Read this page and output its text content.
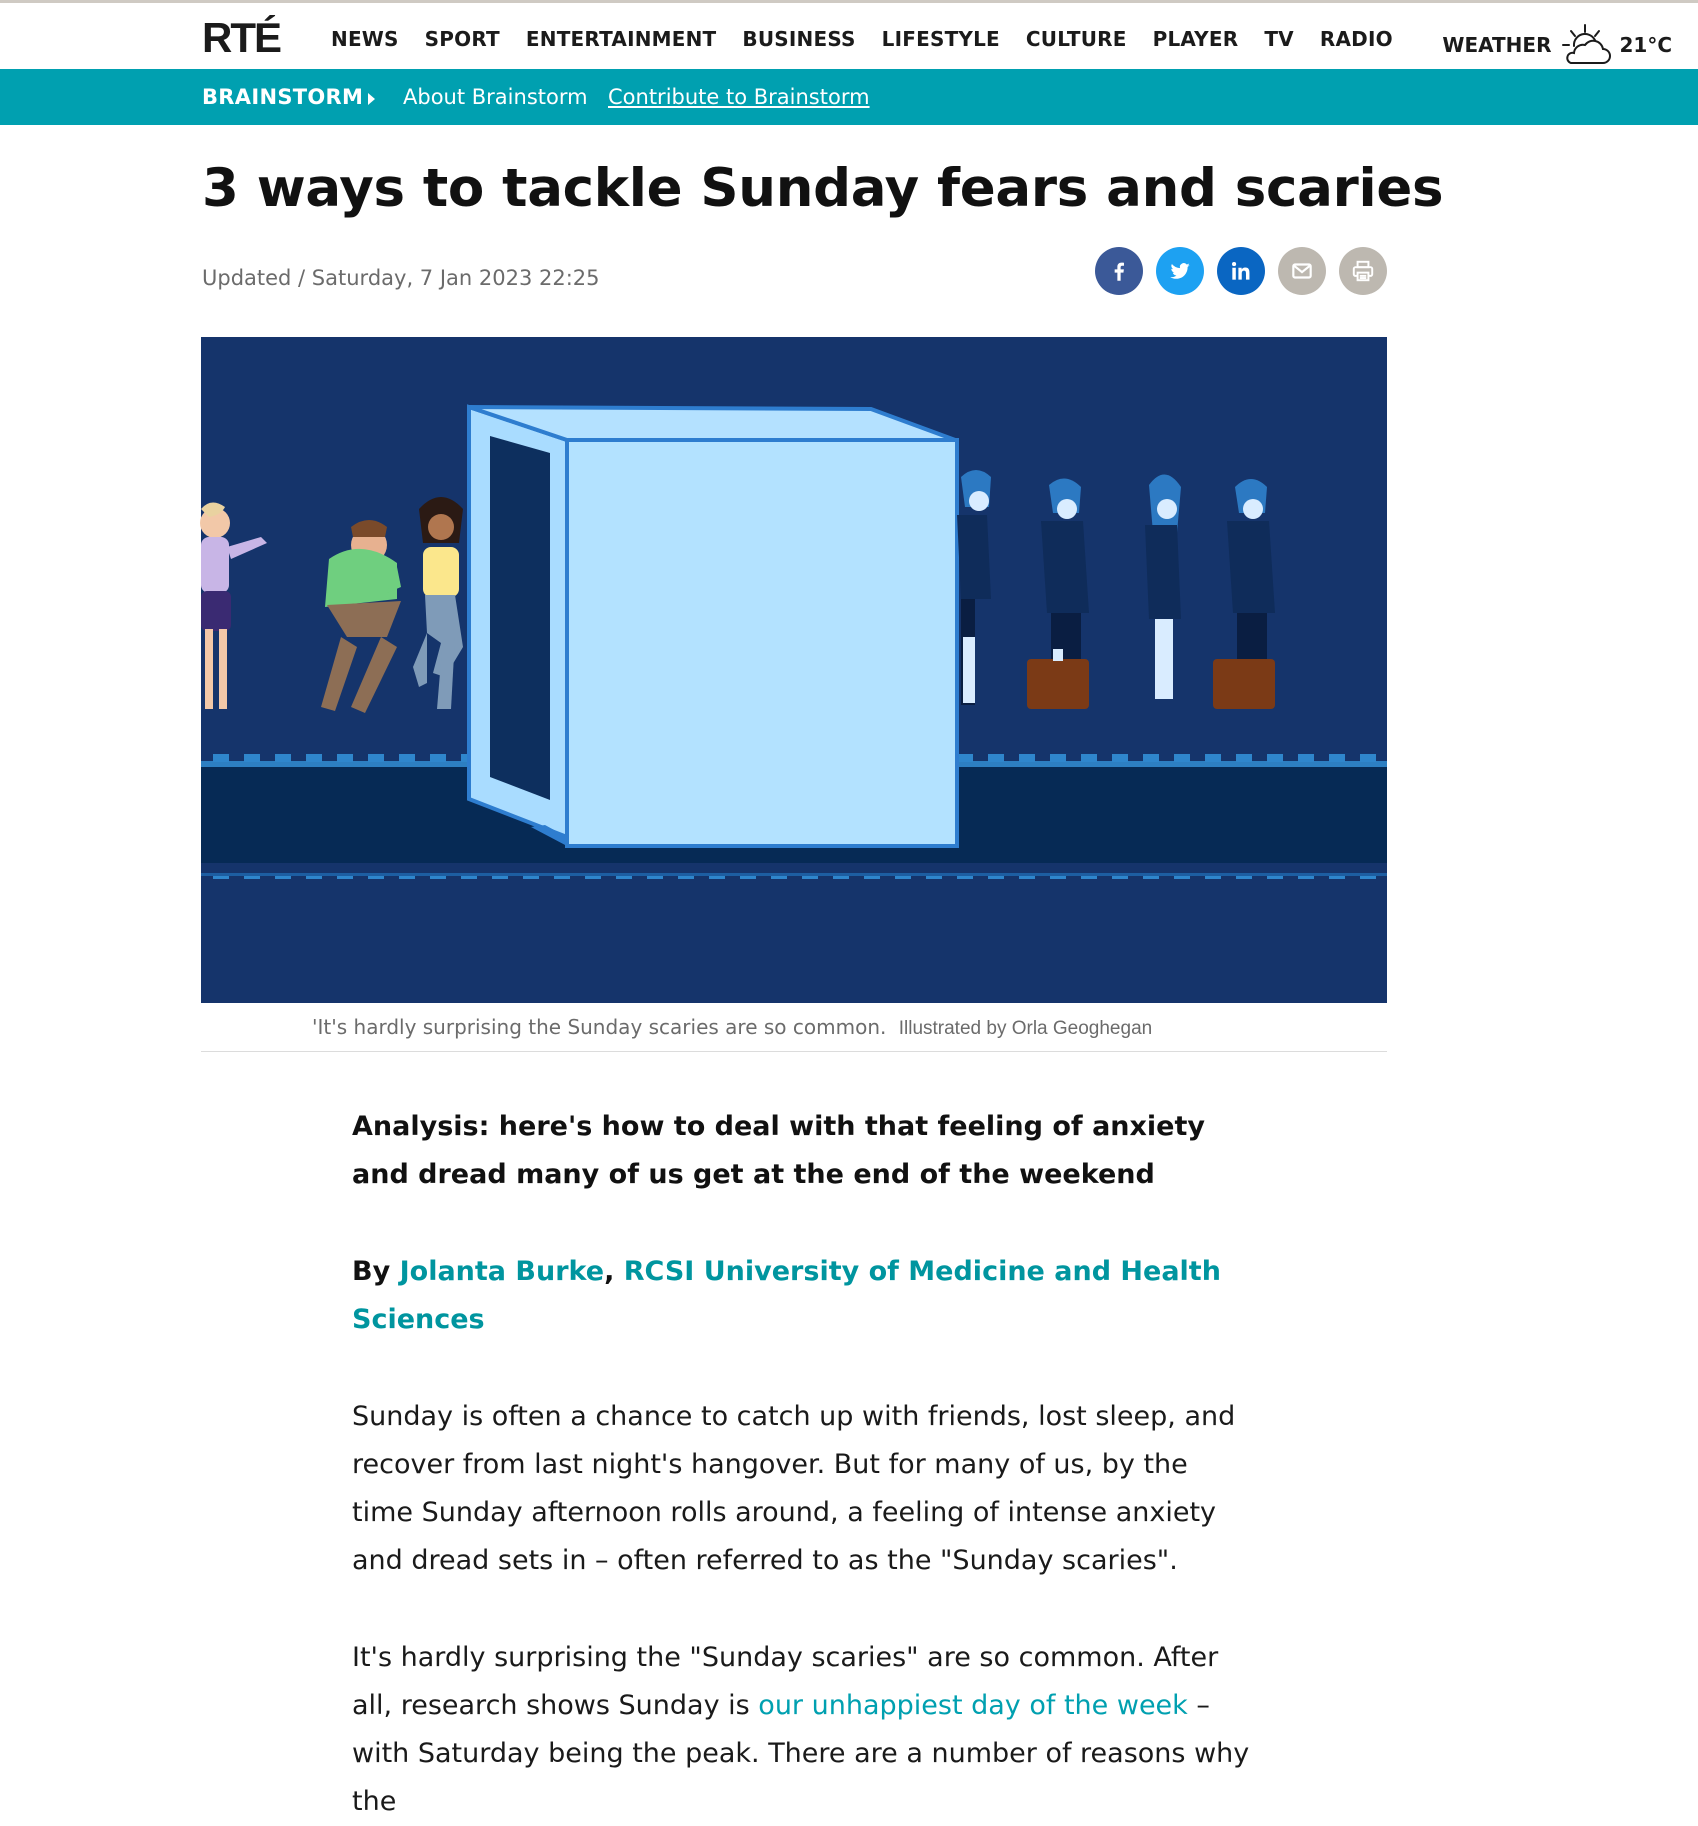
RTÉ	NEWS SPORT ENTERTAINMENT BUSINESS LIFESTYLE CULTURE PLAYER TV RADIO WEATHER	21°C
BRAINSTORM About Brainstorm Contribute to Brainstorm
3 ways to tackle Sunday fears and scaries
Updated / Saturday, 7 Jan 2023 22:25
'It's hardly surprising the Sunday scaries are so common. Illustrated by Orla Geoghegan

Analysis: here's how to deal with that feeling of anxiety and dread many of us get at the end of the weekend

By Jolanta Burke, RCSI University of Medicine and Health Sciences

Sunday is often a chance to catch up with friends, lost sleep, and recover from last night's hangover. But for many of us, by the time Sunday afternoon rolls around, a feeling of intense anxiety and dread sets in – often referred to as the "Sunday scaries".

It's hardly surprising the "Sunday scaries" are so common. After all, research shows Sunday is our unhappiest day of the week – with Saturday being the peak. There are a number of reasons why the
